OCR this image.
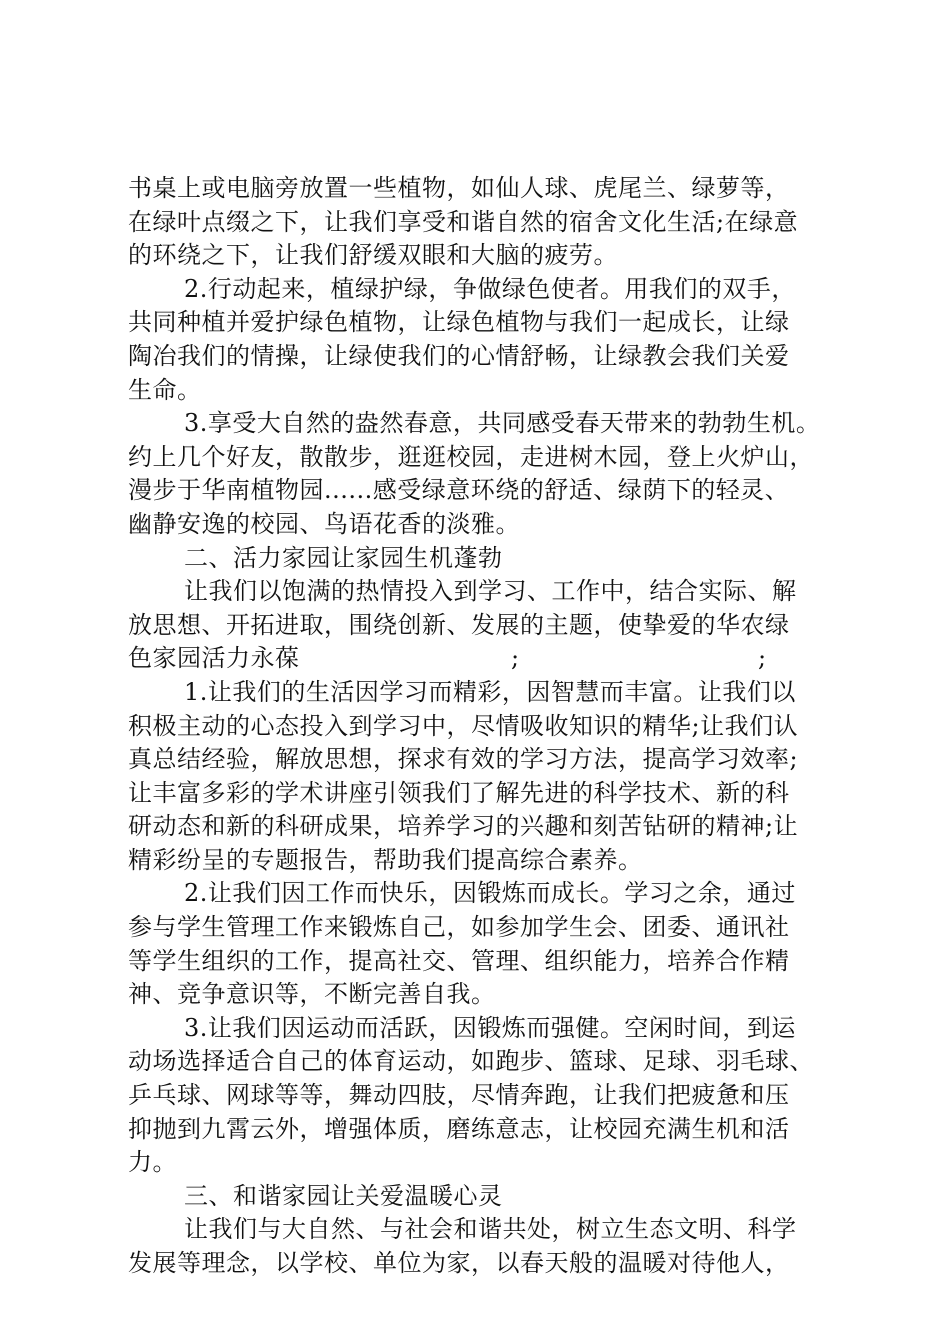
书桌上或电脑旁放置一些植物，如仙人球、虎尾兰、绿萝等，
在绿叶点缀之下，让我们享受和谐自然的宿舍文化生活;在绿意
的环绕之下，让我们舒缓双眼和大脑的疲劳。
2.行动起来，植绿护绿，争做绿色使者。用我们的双手，
共同种植并爱护绿色植物，让绿色植物与我们一起成长，让绿
陶冶我们的情操，让绿使我们的心情舒畅，让绿教会我们关爱
生命。
3.享受大自然的盎然春意，共同感受春天带来的勃勃生机。
约上几个好友，散散步，逛逛校园，走进树木园，登上火炉山，
漫步于华南植物园......感受绿意环绕的舒适、绿荫下的轻灵、
幽静安逸的校园、鸟语花香的淡雅。
二、活力家园让家园生机蓬勃
让我们以饱满的热情投入到学习、工作中，结合实际、解
放思想、开拓进取，围绕创新、发展的主题，使挚爱的华农绿
色家园活力永葆	;	;
1.让我们的生活因学习而精彩，因智慧而丰富。让我们以
积极主动的心态投入到学习中，尽情吸收知识的精华;让我们认
真总结经验，解放思想，探求有效的学习方法，提高学习效率;
让丰富多彩的学术讲座引领我们了解先进的科学技术、新的科
研动态和新的科研成果，培养学习的兴趣和刻苦钻研的精神;让
精彩纷呈的专题报告，帮助我们提高综合素养。
2.让我们因工作而快乐，因锻炼而成长。学习之余，通过
参与学生管理工作来锻炼自己，如参加学生会、团委、通讯社
等学生组织的工作，提高社交、管理、组织能力，培养合作精
神、竞争意识等，不断完善自我。
3.让我们因运动而活跃，因锻炼而强健。空闲时间，到运
动场选择适合自己的体育运动，如跑步、篮球、足球、羽毛球、
乒乓球、网球等等，舞动四肢，尽情奔跑，让我们把疲惫和压
抑抛到九霄云外，增强体质，磨练意志，让校园充满生机和活
力。
三、和谐家园让关爱温暖心灵
让我们与大自然、与社会和谐共处，树立生态文明、科学
发展等理念，以学校、单位为家，以春天般的温暖对待他人，
